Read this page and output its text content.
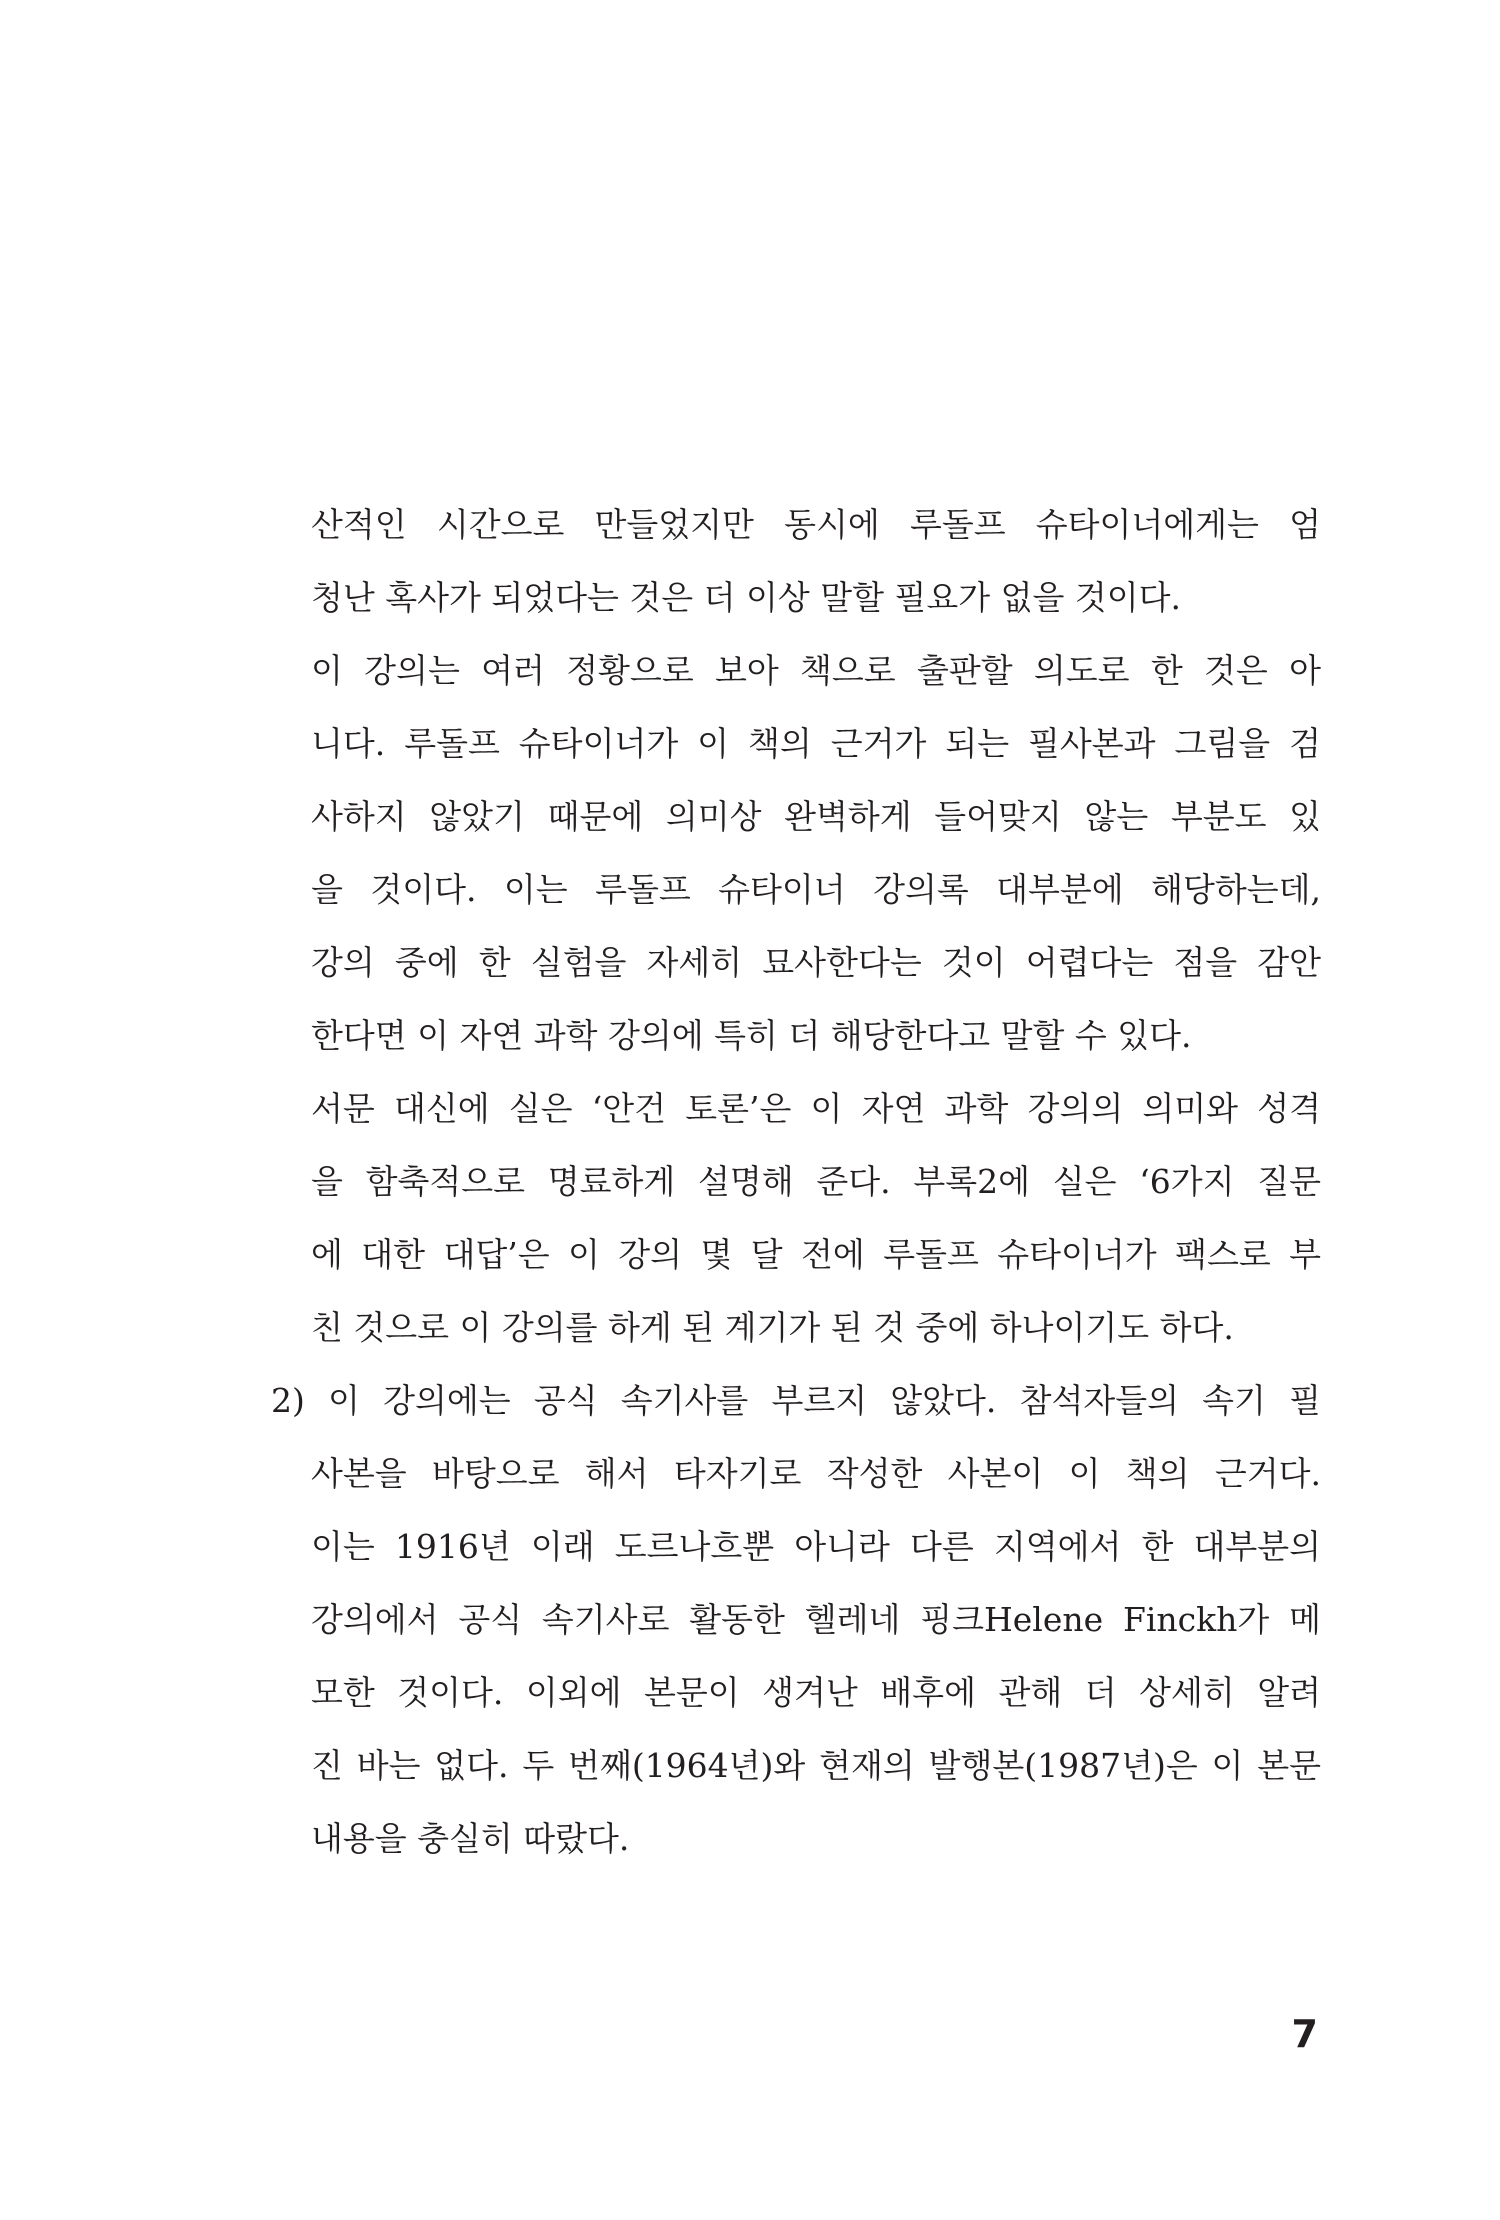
산적인 시간으로 만들었지만 동시에 루돌프 슈타이너에게는 엄
청난 혹사가 되었다는 것은 더 이상 말할 필요가 없을 것이다.
이 강의는 여러 정황으로 보아 책으로 출판할 의도로 한 것은 아
니다. 루돌프 슈타이너가 이 책의 근거가 되는 필사본과 그림을 검
사하지 않았기 때문에 의미상 완벽하게 들어맞지 않는 부분도 있
을 것이다. 이는 루돌프 슈타이너 강의록 대부분에 해당하는데,
강의 중에 한 실험을 자세히 묘사한다는 것이 어렵다는 점을 감안
한다면 이 자연 과학 강의에 특히 더 해당한다고 말할 수 있다.
서문 대신에 실은 ‘안건 토론’은 이 자연 과학 강의의 의미와 성격
을 함축적으로 명료하게 설명해 준다. 부록2에 실은 ‘6가지 질문
에 대한 대답’은 이 강의 몇 달 전에 루돌프 슈타이너가 팩스로 부
친 것으로 이 강의를 하게 된 계기가 된 것 중에 하나이기도 하다.
2) 이 강의에는 공식 속기사를 부르지 않았다. 참석자들의 속기 필
사본을 바탕으로 해서 타자기로 작성한 사본이 이 책의 근거다.
이는 1916년 이래 도르나흐뿐 아니라 다른 지역에서 한 대부분의
강의에서 공식 속기사로 활동한 헬레네 핑크Helene Finckh가 메
모한 것이다. 이외에 본문이 생겨난 배후에 관해 더 상세히 알려
진 바는 없다. 두 번째(1964년)와 현재의 발행본(1987년)은 이 본문
내용을 충실히 따랐다.
7
